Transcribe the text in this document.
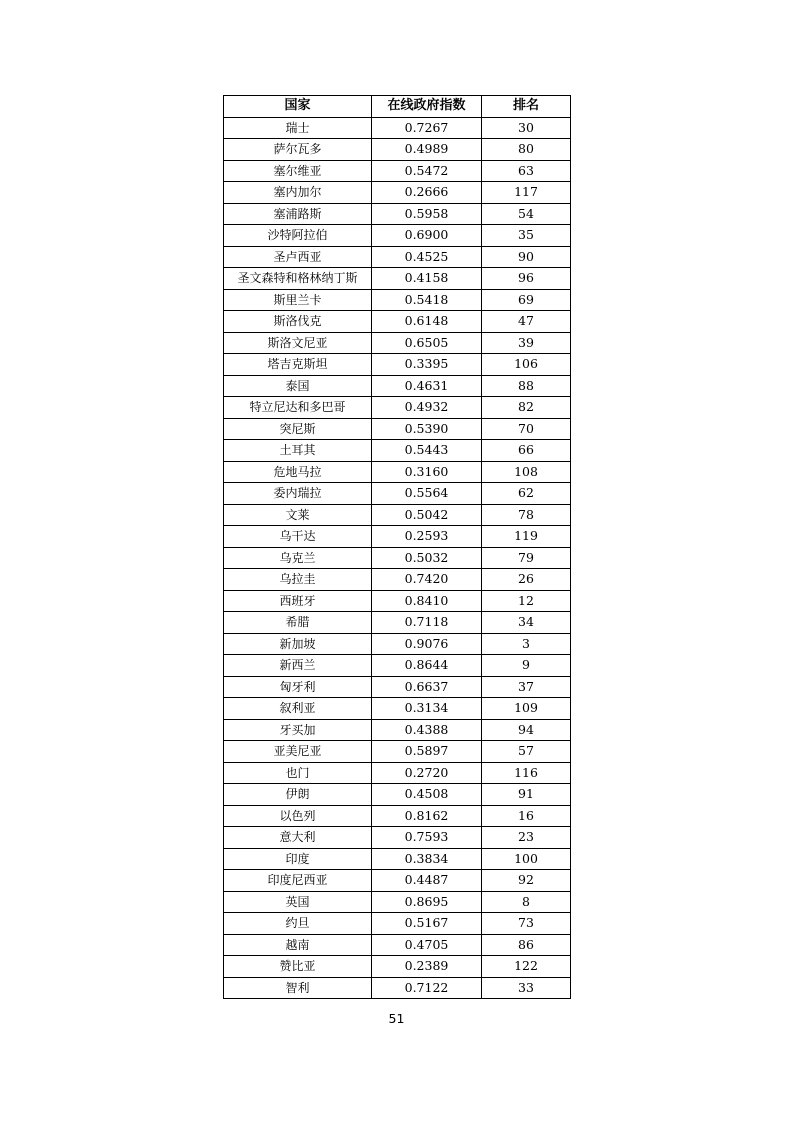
国家	在线政府指数	排名
瑞士	0.7267	30
萨尔瓦多	0.4989	80
塞尔维亚	0.5472	63
塞内加尔	0.2666	117
塞浦路斯	0.5958	54
沙特阿拉伯	0.6900	35
圣卢西亚	0.4525	90
圣文森特和格林纳丁斯	0.4158	96
斯里兰卡	0.5418	69
斯洛伐克	0.6148	47
斯洛文尼亚	0.6505	39
塔吉克斯坦	0.3395	106
泰国	0.4631	88
特立尼达和多巴哥	0.4932	82
突尼斯	0.5390	70
土耳其	0.5443	66
危地马拉	0.3160	108
委内瑞拉	0.5564	62
文莱	0.5042	78
乌干达	0.2593	119
乌克兰	0.5032	79
乌拉圭	0.7420	26
西班牙	0.8410	12
希腊	0.7118	34
新加坡	0.9076	3
新西兰	0.8644	9
匈牙利	0.6637	37
叙利亚	0.3134	109
牙买加	0.4388	94
亚美尼亚	0.5897	57
也门	0.2720	116
伊朗	0.4508	91
以色列	0.8162	16
意大利	0.7593	23
印度	0.3834	100
印度尼西亚	0.4487	92
英国	0.8695	8
约旦	0.5167	73
越南	0.4705	86
赞比亚	0.2389	122
智利	0.7122	33
51
